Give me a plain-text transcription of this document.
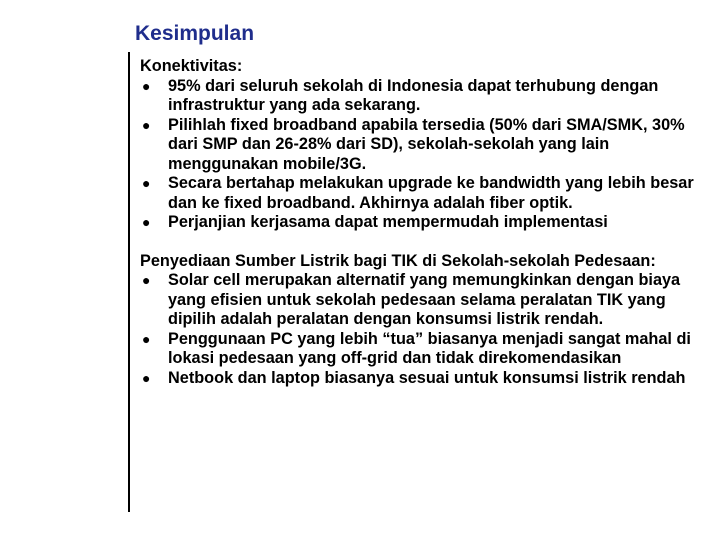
Kesimpulan

Konektivitas:

● 95% dari seluruh sekolah di Indonesia dapat terhubung dengan infrastruktur yang ada sekarang.
● Pilihlah fixed broadband apabila tersedia (50% dari SMA/SMK, 30% dari SMP dan 26-28% dari SD), sekolah-sekolah yang lain menggunakan mobile/3G.
● Secara bertahap melakukan upgrade ke bandwidth yang lebih besar dan ke fixed broadband. Akhirnya adalah fiber optik.
● Perjanjian kerjasama dapat mempermudah implementasi

Penyediaan Sumber Listrik bagi TIK di Sekolah-sekolah Pedesaan:

● Solar cell merupakan alternatif yang memungkinkan dengan biaya yang efisien untuk sekolah pedesaan selama peralatan TIK yang dipilih adalah peralatan dengan konsumsi listrik rendah.
● Penggunaan PC yang lebih “tua” biasanya menjadi sangat mahal di lokasi pedesaan yang off-grid dan tidak direkomendasikan
● Netbook dan laptop biasanya sesuai untuk konsumsi listrik rendah
